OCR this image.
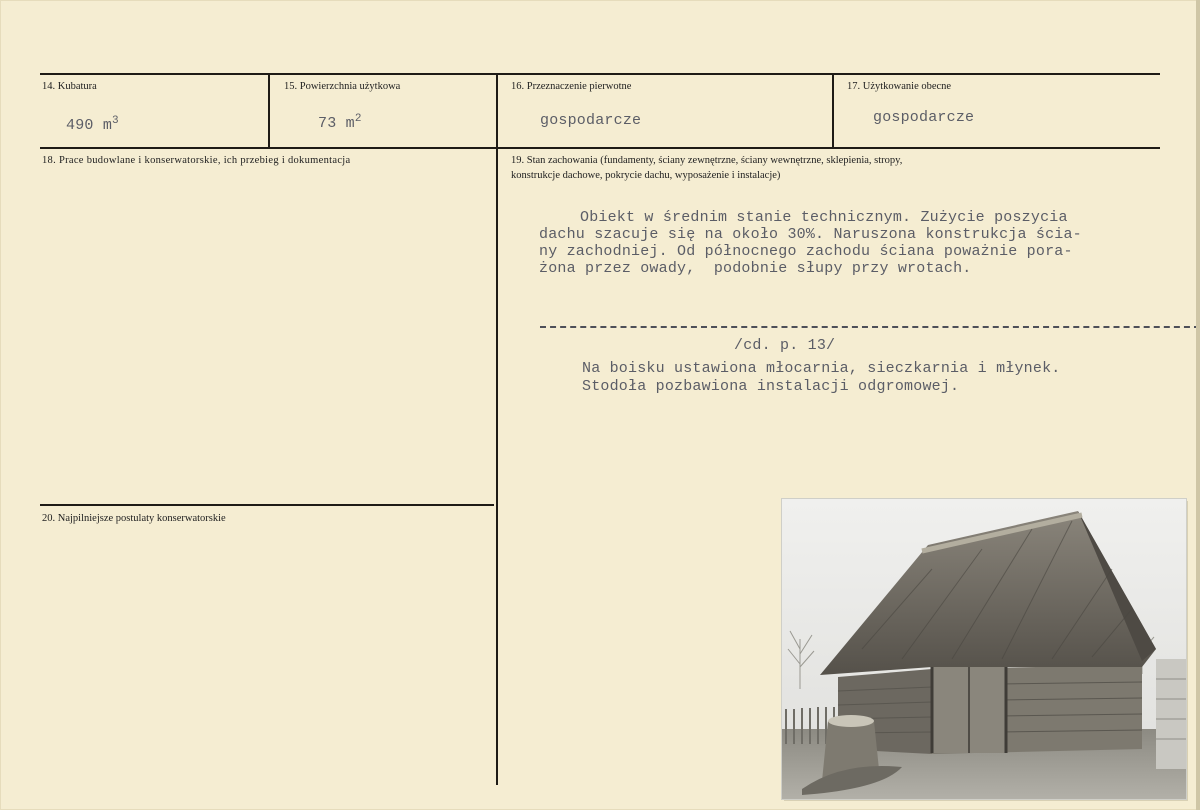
14. Kubatura
490 $m^3$
15. Powierzchnia użytkowa
73 $m^2$
16. Przeznaczenie pierwotne
gospodarcze
17. Użytkowanie obecne
gospodarcze
18. Prace budowlane i konserwatorskie, ich przebieg i dokumentacja	19. Stan zachowania (fundamenty, ściany zewnętrzne, ściany wewnętrzne, sklepienia, stropy,
konstrukcje dachowe, pokrycie dachu, wyposażenie i instalacje)
Obiekt w średnim stanie technicznym. Zużycie poszycia
dachu szacuje się na około 30%. Naruszona konstrukcja ścia-
ny zachodniej. Od północnego zachodu ściana poważnie pora-
żona przez owady,  podobnie słupy przy wrotach.
/cd. p. 13/
Na boisku ustawiona młocarnia, sieczkarnia i młynek.
Stodoła pozbawiona instalacji odgromowej.
20. Najpilniejsze postulaty konserwatorskie
